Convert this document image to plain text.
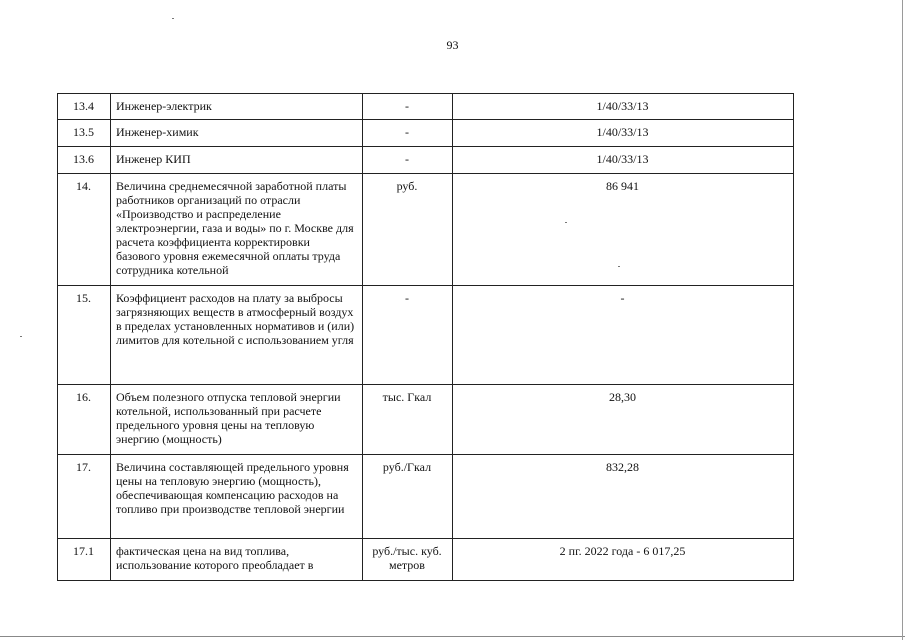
93
13.4	Инженер-электрик	-	1/40/33/13

13.5	Инженер-химик	-	1/40/33/13

13.6	Инженер КИП	-	1/40/33/13

14.	Величина среднемесячной заработной платы работников организаций по отрасли «Производство и распределение электроэнергии, газа и воды» по г. Москве для расчета коэффициента корректировки базового уровня ежемесячной оплаты труда сотрудника котельной	руб.	86 941

15.	Коэффициент расходов на плату за выбросы загрязняющих веществ в атмосферный воздух в пределах установленных нормативов и (или) лимитов для котельной с использованием угля	-	-

16.	Объем полезного отпуска тепловой энергии котельной, использованный при расчете предельного уровня цены на тепловую энергию (мощность)	тыс. Гкал	28,30

17.	Величина составляющей предельного уровня цены на тепловую энергию (мощность), обеспечивающая компенсацию расходов на топливо при производстве тепловой энергии	руб./Гкал	832,28

17.1	фактическая цена на вид топлива, использование которого преобладает в	руб./тыс. куб. метров	2 пг. 2022 года - 6 017,25
